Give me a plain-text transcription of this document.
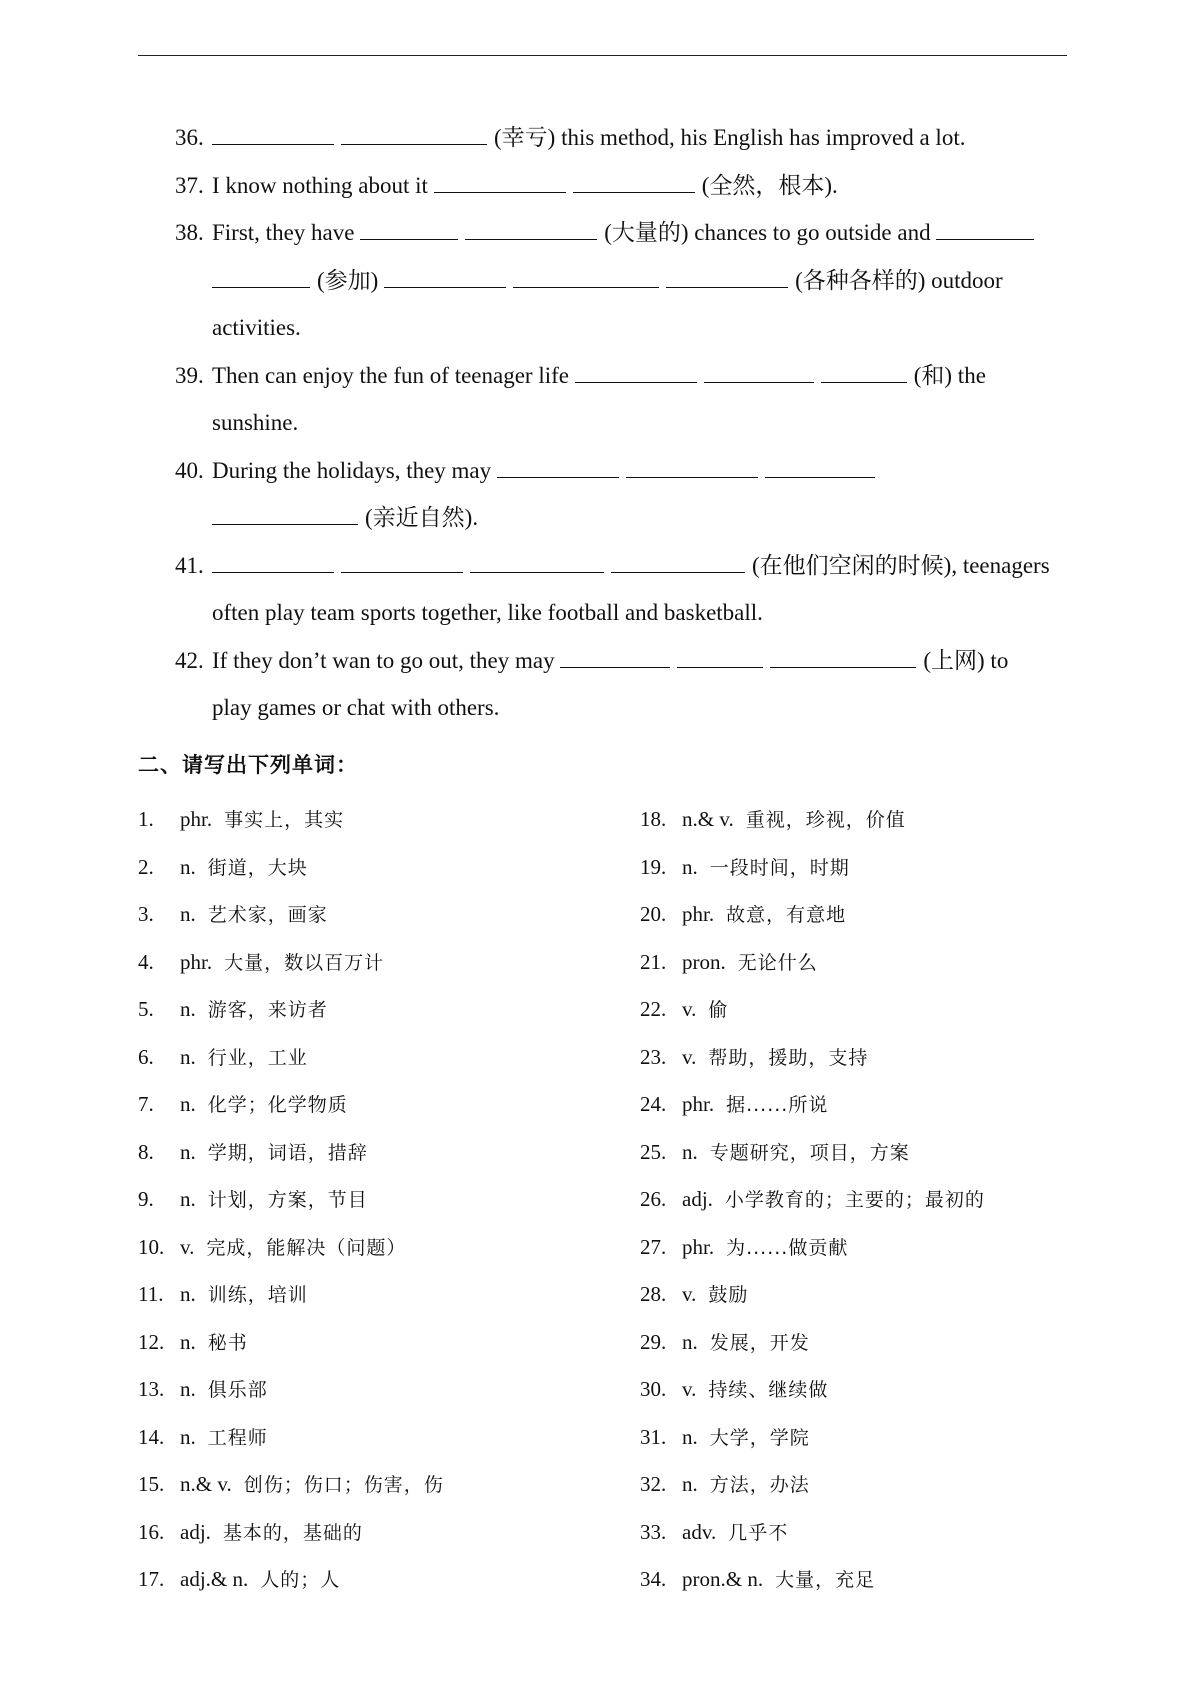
36.	(幸亏) this method, his English has improved a lot.
37. I know nothing about it	(全然，根本).
38. First, they have	(大量的) chances to go outside and
(参加)	(各种各样的) outdoor
activities.
39. Then can enjoy the fun of teenager life	(和) the
sunshine.
40. During the holidays, they may
(亲近自然).
41.	(在他们空闲的时候), teenagers
often play team sports together, like football and basketball.
42. If they don’t wan to go out, they may	(上网) to
play games or chat with others.
二、请写出下列单词：
1. phr. 事实上，其实
2. n. 街道，大块
3. n. 艺术家，画家
4. phr. 大量，数以百万计
5. n. 游客，来访者
6. n. 行业，工业
7. n. 化学；化学物质
8. n. 学期，词语，措辞
9. n. 计划，方案，节目
10. v. 完成，能解决（问题）
11. n. 训练，培训
12. n. 秘书
13. n. 俱乐部
14. n. 工程师
15. n.& v. 创伤；伤口；伤害，伤
16. adj. 基本的，基础的
17. adj.& n. 人的；人
18. n.& v. 重视，珍视，价值
19. n. 一段时间，时期
20. phr. 故意，有意地
21. pron. 无论什么
22. v. 偷
23. v. 帮助，援助，支持
24. phr. 据......所说
25. n. 专题研究，项目，方案
26. adj. 小学教育的；主要的；最初的
27. phr. 为......做贡献
28. v. 鼓励
29. n. 发展，开发
30. v. 持续、继续做
31. n. 大学，学院
32. n. 方法，办法
33. adv. 几乎不
34. pron.& n. 大量，充足
